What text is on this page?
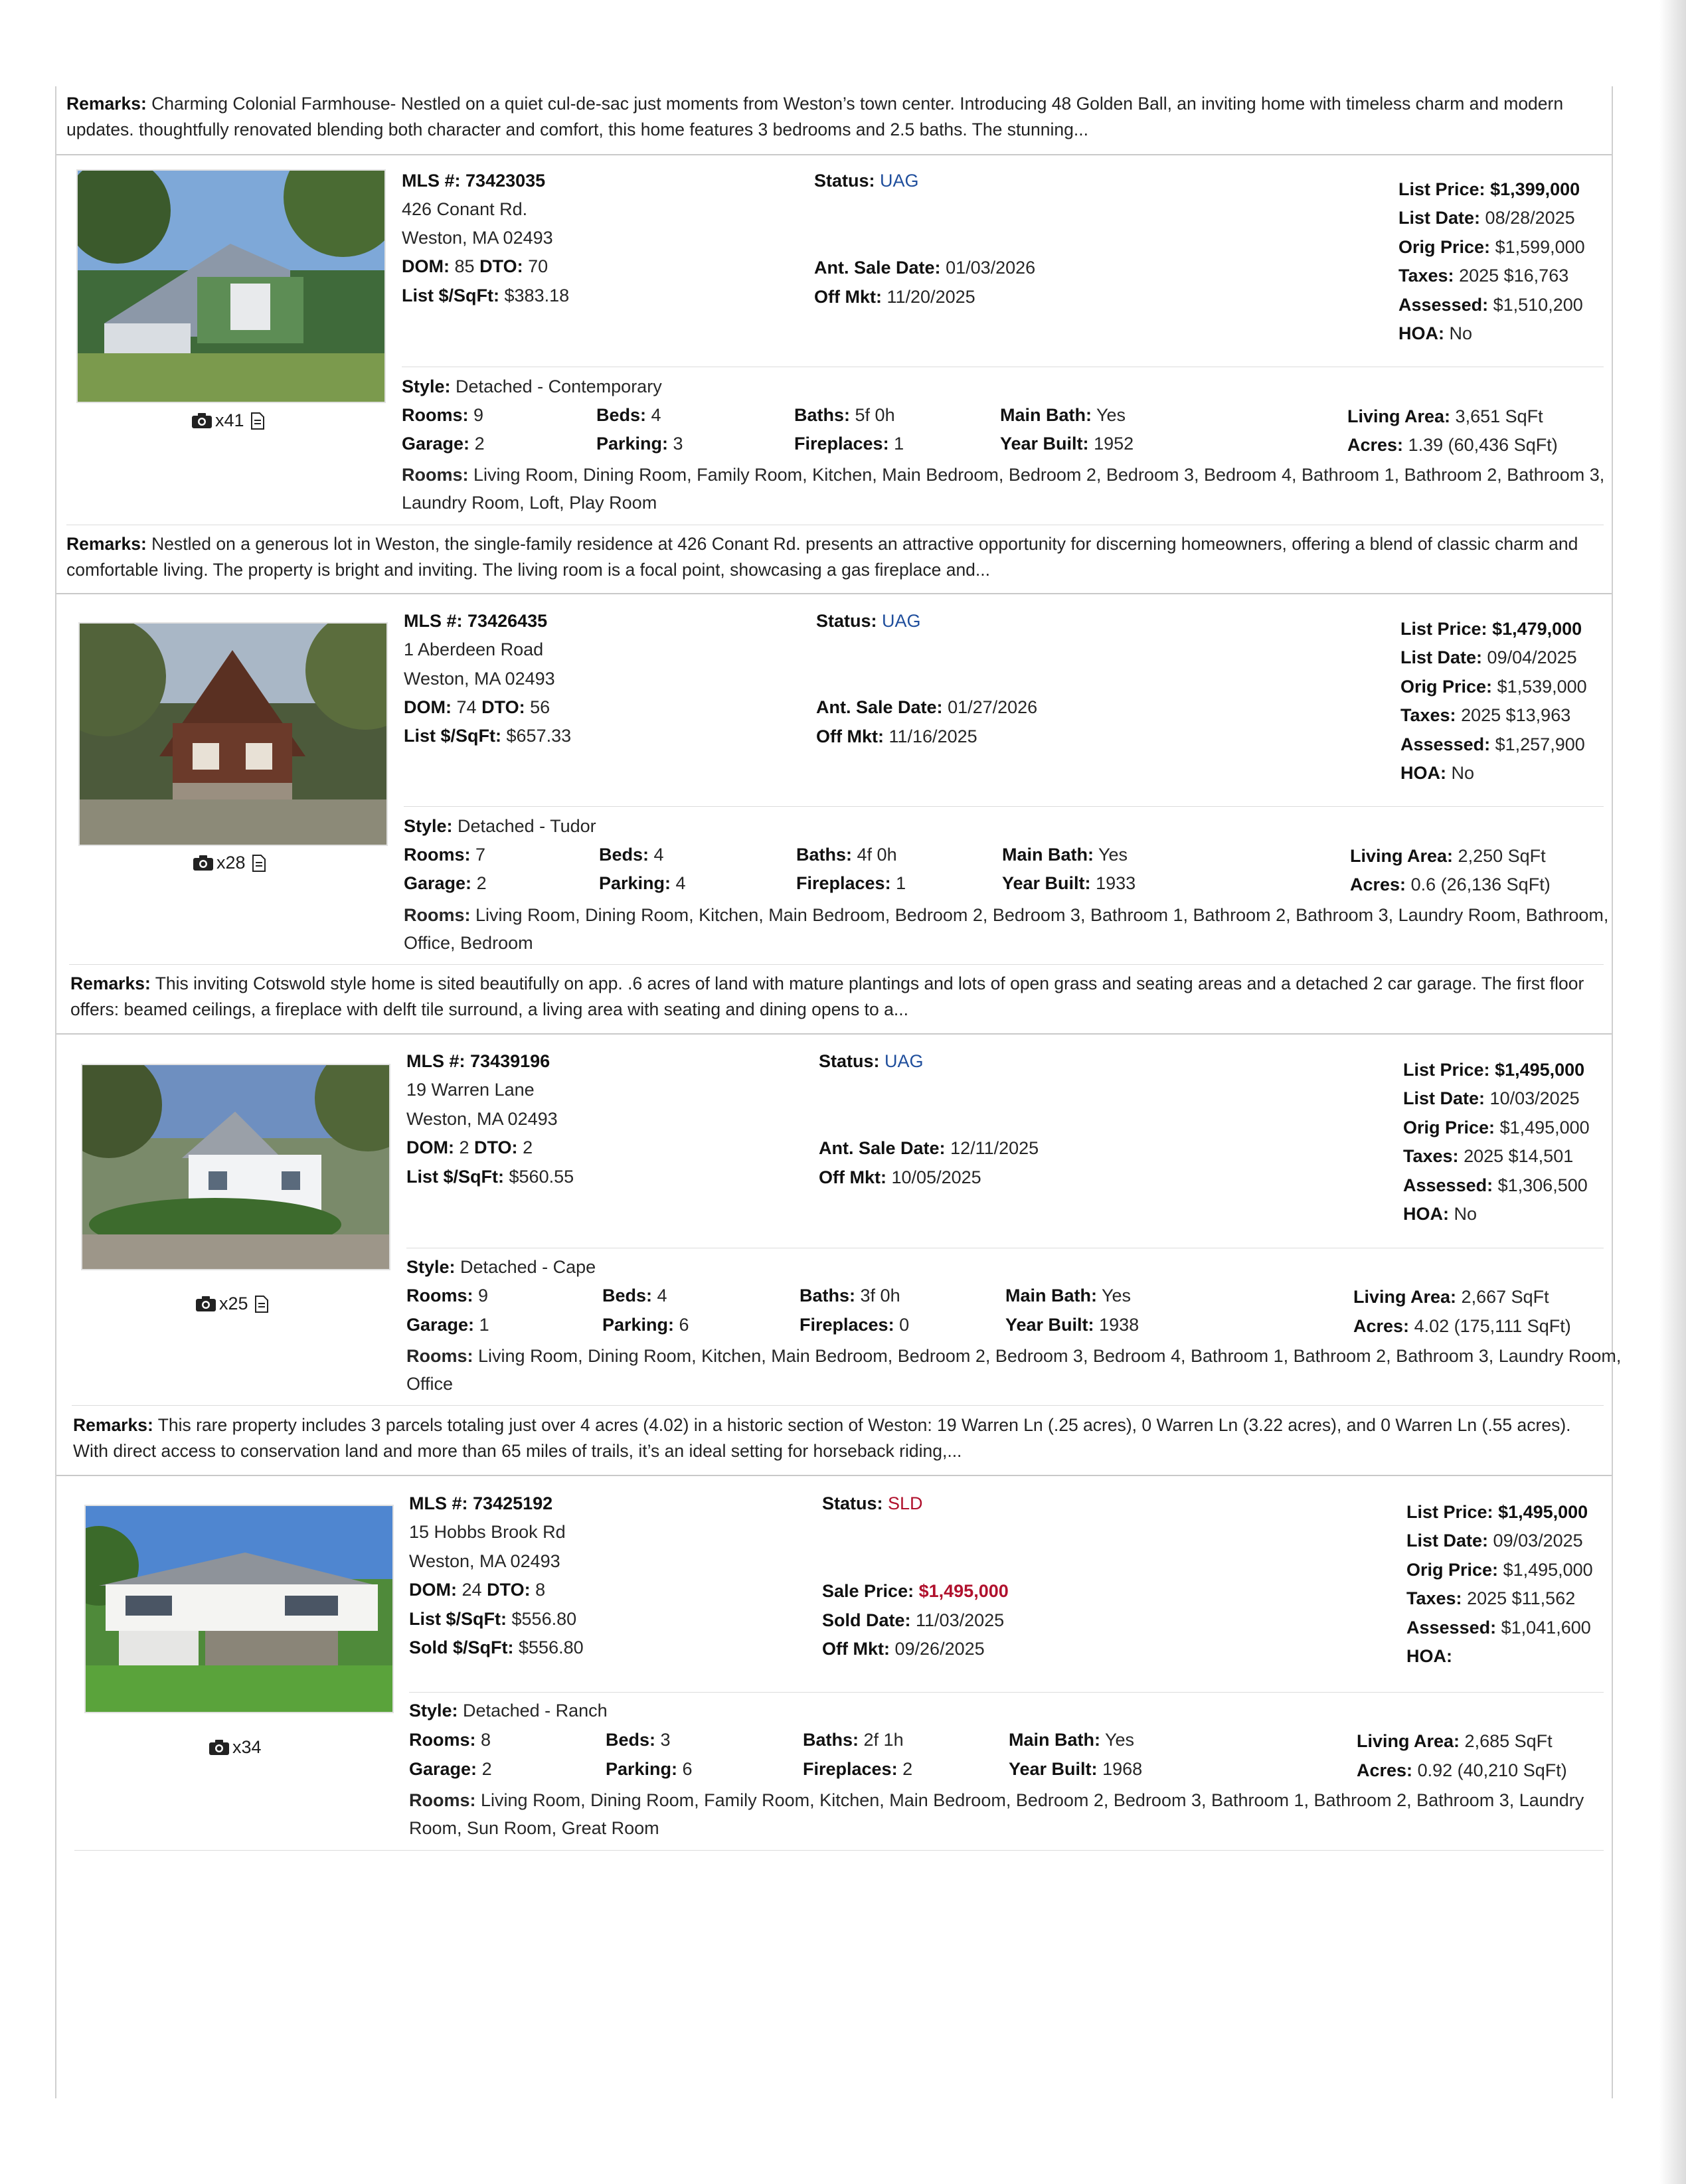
Remarks: Charming Colonial Farmhouse- Nestled on a quiet cul-de-sac just moments from Weston’s town center. Introducing 48 Golden Ball, an inviting home with timeless charm and modern updates. thoughtfully renovated blending both character and comfort, this home features 3 bedrooms and 2.5 baths. The stunning...
x41
MLS #: 73423035
426 Conant Rd.
Weston, MA 02493
DOM: 85 DTO: 70
List $/SqFt: $383.18
Status: UAG
Ant. Sale Date: 01/03/2026
Off Mkt: 11/20/2025
List Price: $1,399,000
List Date: 08/28/2025
Orig Price: $1,599,000
Taxes: 2025 $16,763
Assessed: $1,510,200
HOA: No
Style: Detached - Contemporary
Rooms: 9	Beds: 4	Baths: 5f 0h	Main Bath: Yes	Living Area: 3,651 SqFt
Garage: 2	Parking: 3	Fireplaces: 1	Year Built: 1952	Acres: 1.39 (60,436 SqFt)
Rooms: Living Room, Dining Room, Family Room, Kitchen, Main Bedroom, Bedroom 2, Bedroom 3, Bedroom 4, Bathroom 1, Bathroom 2, Bathroom 3, Laundry Room, Loft, Play Room
Remarks: Nestled on a generous lot in Weston, the single-family residence at 426 Conant Rd. presents an attractive opportunity for discerning homeowners, offering a blend of classic charm and comfortable living. The property is bright and inviting. The living room is a focal point, showcasing a gas fireplace and...
x28
MLS #: 73426435
1 Aberdeen Road
Weston, MA 02493
DOM: 74 DTO: 56
List $/SqFt: $657.33
Status: UAG
Ant. Sale Date: 01/27/2026
Off Mkt: 11/16/2025
List Price: $1,479,000
List Date: 09/04/2025
Orig Price: $1,539,000
Taxes: 2025 $13,963
Assessed: $1,257,900
HOA: No
Style: Detached - Tudor
Rooms: 7	Beds: 4	Baths: 4f 0h	Main Bath: Yes	Living Area: 2,250 SqFt
Garage: 2	Parking: 4	Fireplaces: 1	Year Built: 1933	Acres: 0.6 (26,136 SqFt)
Rooms: Living Room, Dining Room, Kitchen, Main Bedroom, Bedroom 2, Bedroom 3, Bathroom 1, Bathroom 2, Bathroom 3, Laundry Room, Bathroom, Office, Bedroom
Remarks: This inviting Cotswold style home is sited beautifully on app. .6 acres of land with mature plantings and lots of open grass and seating areas and a detached 2 car garage. The first floor offers: beamed ceilings, a fireplace with delft tile surround, a living area with seating and dining opens to a...
x25
MLS #: 73439196
19 Warren Lane
Weston, MA 02493
DOM: 2 DTO: 2
List $/SqFt: $560.55
Status: UAG
Ant. Sale Date: 12/11/2025
Off Mkt: 10/05/2025
List Price: $1,495,000
List Date: 10/03/2025
Orig Price: $1,495,000
Taxes: 2025 $14,501
Assessed: $1,306,500
HOA: No
Style: Detached - Cape
Rooms: 9	Beds: 4	Baths: 3f 0h	Main Bath: Yes	Living Area: 2,667 SqFt
Garage: 1	Parking: 6	Fireplaces: 0	Year Built: 1938	Acres: 4.02 (175,111 SqFt)
Rooms: Living Room, Dining Room, Kitchen, Main Bedroom, Bedroom 2, Bedroom 3, Bedroom 4, Bathroom 1, Bathroom 2, Bathroom 3, Laundry Room, Office
Remarks: This rare property includes 3 parcels totaling just over 4 acres (4.02) in a historic section of Weston: 19 Warren Ln (.25 acres), 0 Warren Ln (3.22 acres), and 0 Warren Ln (.55 acres). With direct access to conservation land and more than 65 miles of trails, it’s an ideal setting for horseback riding,...
x34
MLS #: 73425192
15 Hobbs Brook Rd
Weston, MA 02493
DOM: 24 DTO: 8
List $/SqFt: $556.80
Sold $/SqFt: $556.80
Status: SLD
Sale Price: $1,495,000
Sold Date: 11/03/2025
Off Mkt: 09/26/2025
List Price: $1,495,000
List Date: 09/03/2025
Orig Price: $1,495,000
Taxes: 2025 $11,562
Assessed: $1,041,600
HOA:
Style: Detached - Ranch
Rooms: 8	Beds: 3	Baths: 2f 1h	Main Bath: Yes	Living Area: 2,685 SqFt
Garage: 2	Parking: 6	Fireplaces: 2	Year Built: 1968	Acres: 0.92 (40,210 SqFt)
Rooms: Living Room, Dining Room, Family Room, Kitchen, Main Bedroom, Bedroom 2, Bedroom 3, Bathroom 1, Bathroom 2, Bathroom 3, Laundry Room, Sun Room, Great Room
